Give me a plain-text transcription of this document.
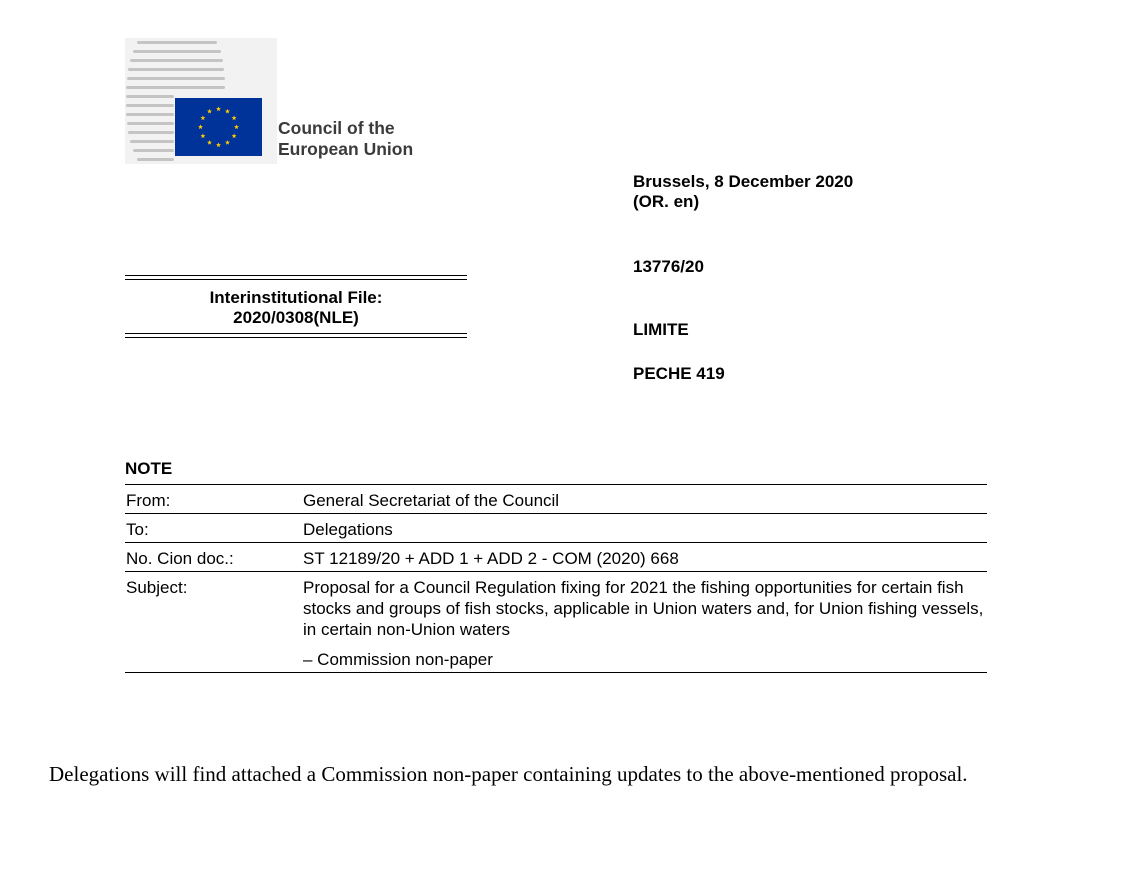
Council of the
European Union
Brussels, 8 December 2020
(OR. en)
13776/20
LIMITE
PECHE 419
Interinstitutional File:
2020/0308(NLE)
NOTE
From:	General Secretariat of the Council
To:	Delegations
No. Cion doc.:	ST 12189/20 + ADD 1 + ADD 2 - COM (2020) 668
Subject:	Proposal for a Council Regulation fixing for 2021 the fishing opportunities for certain fish stocks and groups of fish stocks, applicable in Union waters and, for Union fishing vessels, in certain non-Union waters
	– Commission non-paper
Delegations will find attached a Commission non-paper containing updates to the above-mentioned proposal.
